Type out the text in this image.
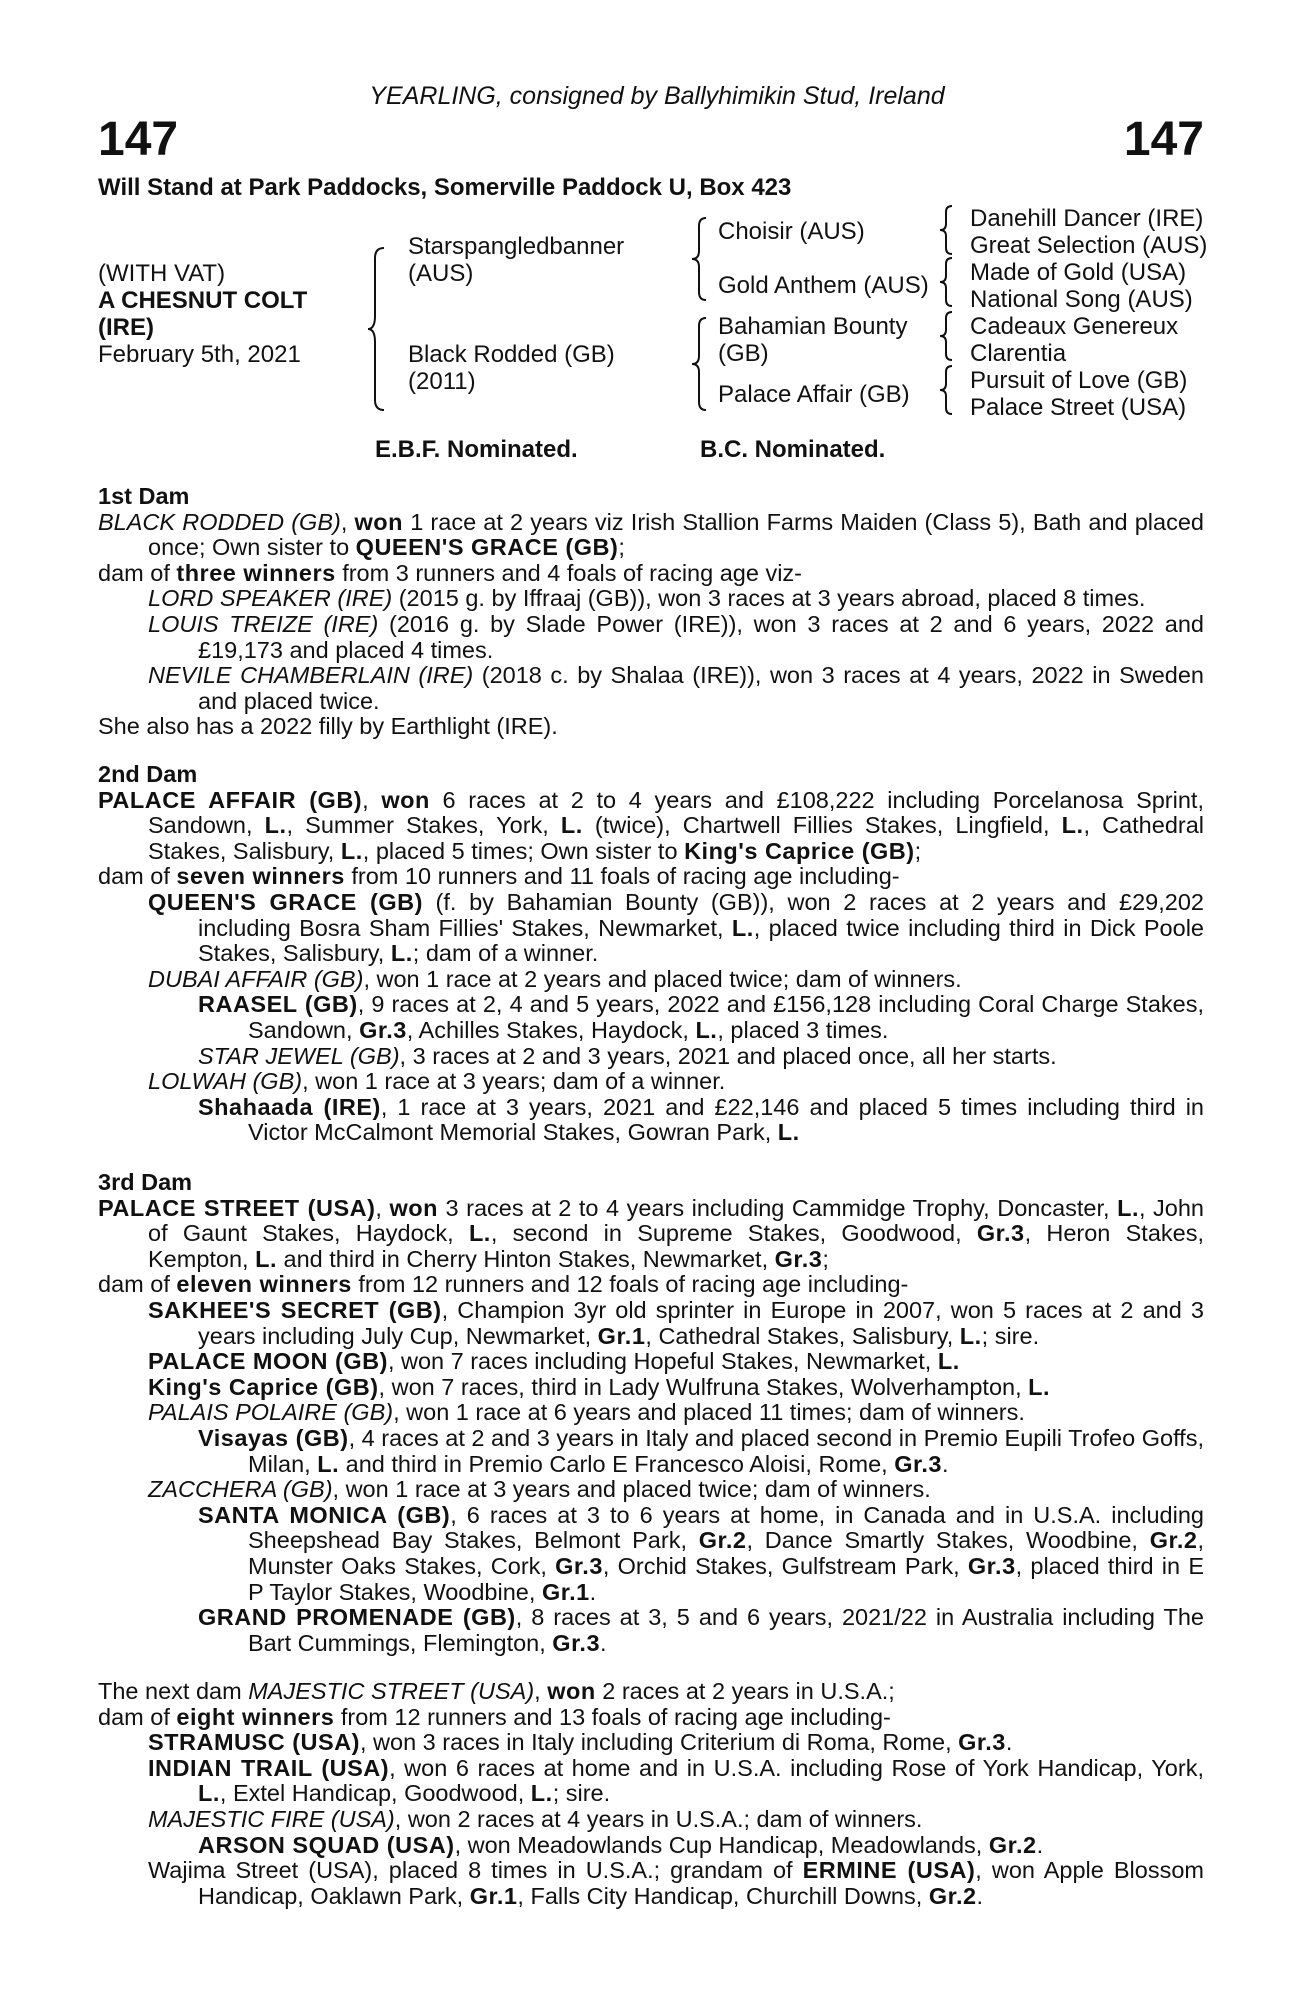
YEARLING, consigned by Ballyhimikin Stud, Ireland
147	147
Will Stand at Park Paddocks, Somerville Paddock U, Box 423
(WITH VAT)
A CHESNUT COLT
(IRE)
February 5th, 2021
Starspangledbanner
(AUS)
Black Rodded (GB)
(2011)
Choisir (AUS)
Gold Anthem (AUS)
Bahamian Bounty
(GB)
Palace Affair (GB)
Danehill Dancer (IRE)
Great Selection (AUS)
Made of Gold (USA)
National Song (AUS)
Cadeaux Genereux
Clarentia
Pursuit of Love (GB)
Palace Street (USA)
E.B.F. Nominated.	B.C. Nominated.

1st Dam

BLACK RODDED (GB), won 1 race at 2 years viz Irish Stallion Farms Maiden (Class 5), Bath and placed once; Own sister to QUEEN'S GRACE (GB);

dam of three winners from 3 runners and 4 foals of racing age viz-

LORD SPEAKER (IRE) (2015 g. by Iffraaj (GB)), won 3 races at 3 years abroad, placed 8 times.

LOUIS TREIZE (IRE) (2016 g. by Slade Power (IRE)), won 3 races at 2 and 6 years, 2022 and £19,173 and placed 4 times.

NEVILE CHAMBERLAIN (IRE) (2018 c. by Shalaa (IRE)), won 3 races at 4 years, 2022 in Sweden and placed twice.

She also has a 2022 filly by Earthlight (IRE).

2nd Dam

PALACE AFFAIR (GB), won 6 races at 2 to 4 years and £108,222 including Porcelanosa Sprint, Sandown, L., Summer Stakes, York, L. (twice), Chartwell Fillies Stakes, Lingfield, L., Cathedral Stakes, Salisbury, L., placed 5 times; Own sister to King's Caprice (GB);

dam of seven winners from 10 runners and 11 foals of racing age including-

QUEEN'S GRACE (GB) (f. by Bahamian Bounty (GB)), won 2 races at 2 years and £29,202 including Bosra Sham Fillies' Stakes, Newmarket, L., placed twice including third in Dick Poole Stakes, Salisbury, L.; dam of a winner.

DUBAI AFFAIR (GB), won 1 race at 2 years and placed twice; dam of winners.

RAASEL (GB), 9 races at 2, 4 and 5 years, 2022 and £156,128 including Coral Charge Stakes, Sandown, Gr.3, Achilles Stakes, Haydock, L., placed 3 times.

STAR JEWEL (GB), 3 races at 2 and 3 years, 2021 and placed once, all her starts.

LOLWAH (GB), won 1 race at 3 years; dam of a winner.

Shahaada (IRE), 1 race at 3 years, 2021 and £22,146 and placed 5 times including third in Victor McCalmont Memorial Stakes, Gowran Park, L.

3rd Dam

PALACE STREET (USA), won 3 races at 2 to 4 years including Cammidge Trophy, Doncaster, L., John of Gaunt Stakes, Haydock, L., second in Supreme Stakes, Goodwood, Gr.3, Heron Stakes, Kempton, L. and third in Cherry Hinton Stakes, Newmarket, Gr.3;

dam of eleven winners from 12 runners and 12 foals of racing age including-

SAKHEE'S SECRET (GB), Champion 3yr old sprinter in Europe in 2007, won 5 races at 2 and 3 years including July Cup, Newmarket, Gr.1, Cathedral Stakes, Salisbury, L.; sire.

PALACE MOON (GB), won 7 races including Hopeful Stakes, Newmarket, L.

King's Caprice (GB), won 7 races, third in Lady Wulfruna Stakes, Wolverhampton, L.

PALAIS POLAIRE (GB), won 1 race at 6 years and placed 11 times; dam of winners.

Visayas (GB), 4 races at 2 and 3 years in Italy and placed second in Premio Eupili Trofeo Goffs, Milan, L. and third in Premio Carlo E Francesco Aloisi, Rome, Gr.3.

ZACCHERA (GB), won 1 race at 3 years and placed twice; dam of winners.

SANTA MONICA (GB), 6 races at 3 to 6 years at home, in Canada and in U.S.A. including Sheepshead Bay Stakes, Belmont Park, Gr.2, Dance Smartly Stakes, Woodbine, Gr.2, Munster Oaks Stakes, Cork, Gr.3, Orchid Stakes, Gulfstream Park, Gr.3, placed third in E P Taylor Stakes, Woodbine, Gr.1.

GRAND PROMENADE (GB), 8 races at 3, 5 and 6 years, 2021/22 in Australia including The Bart Cummings, Flemington, Gr.3.

The next dam MAJESTIC STREET (USA), won 2 races at 2 years in U.S.A.;

dam of eight winners from 12 runners and 13 foals of racing age including-

STRAMUSC (USA), won 3 races in Italy including Criterium di Roma, Rome, Gr.3.

INDIAN TRAIL (USA), won 6 races at home and in U.S.A. including Rose of York Handicap, York, L., Extel Handicap, Goodwood, L.; sire.

MAJESTIC FIRE (USA), won 2 races at 4 years in U.S.A.; dam of winners.

ARSON SQUAD (USA), won Meadowlands Cup Handicap, Meadowlands, Gr.2.

Wajima Street (USA), placed 8 times in U.S.A.; grandam of ERMINE (USA), won Apple Blossom Handicap, Oaklawn Park, Gr.1, Falls City Handicap, Churchill Downs, Gr.2.
